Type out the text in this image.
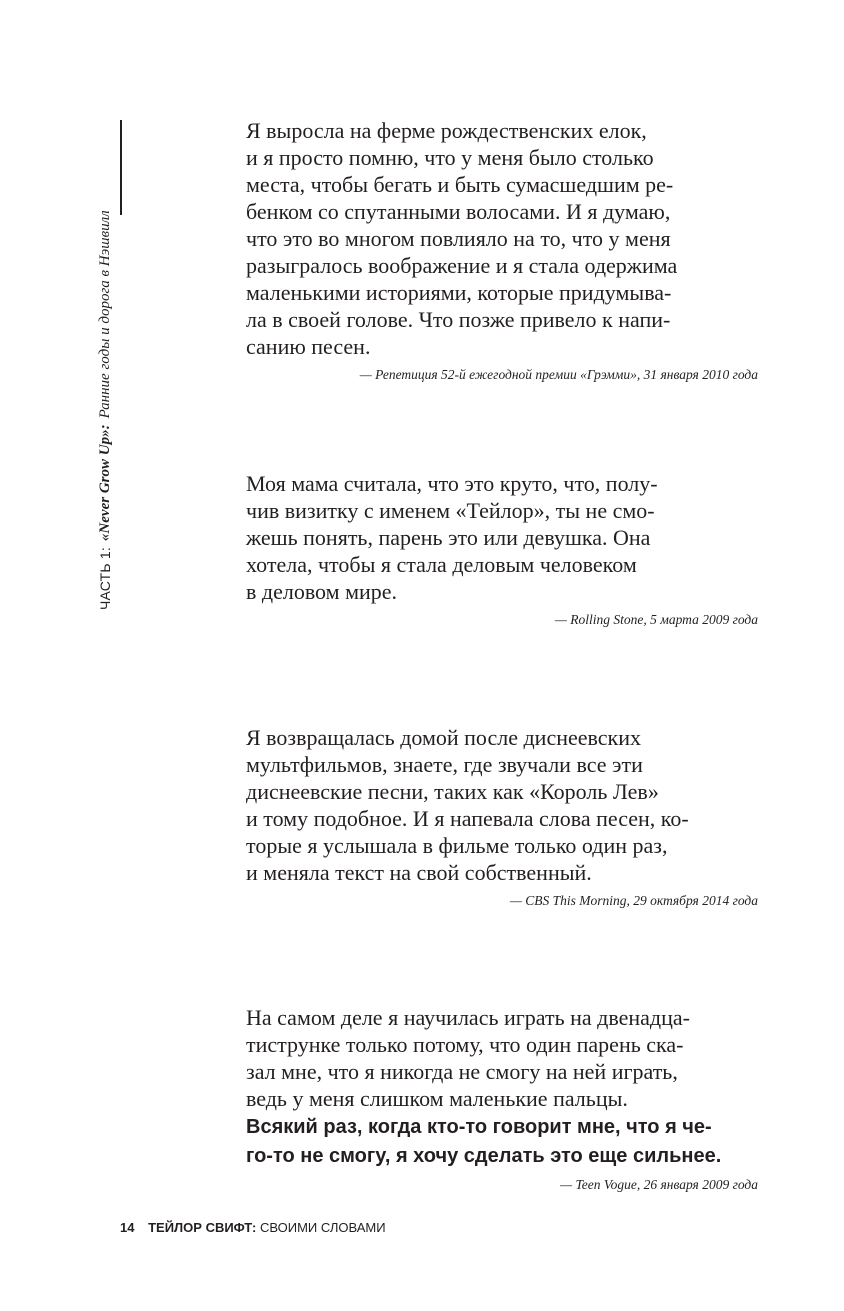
ЧАСТЬ 1:
«Never Grow Up»:
Ранние годы и дорога в Нэшвилл

Я выросла на ферме рождественских елок,
и я просто помню, что у меня было столько
места, чтобы бегать и быть сумасшедшим ре-
бенком со спутанными волосами. И я думаю,
что это во многом повлияло на то, что у меня
разыгралось воображение и я стала одержима
маленькими историями, которые придумыва-
ла в своей голове. Что позже привело к напи-
санию песен.

— Репетиция 52-й ежегодной премии «Грэмми», 31 января 2010 года

Моя мама считала, что это круто, что, полу-
чив визитку с именем «Тейлор», ты не смо-
жешь понять, парень это или девушка. Она
хотела, чтобы я стала деловым человеком
в деловом мире.

— Rolling Stone, 5 марта 2009 года

Я возвращалась домой после диснеевских
мультфильмов, знаете, где звучали все эти
диснеевские песни, таких как «Король Лев»
и тому подобное. И я напевала слова песен, ко-
торые я услышала в фильме только один раз,
и меняла текст на свой собственный.

— CBS This Morning, 29 октября 2014 года

На самом деле я научилась играть на двенадца-
тиструнке только потому, что один парень ска-
зал мне, что я никогда не смогу на ней играть,
ведь у меня слишком маленькие пальцы.
Всякий раз, когда кто-то говорит мне, что я че-
го-то не смогу, я хочу сделать это еще сильнее.

— Teen Vogue, 26 января 2009 года

14 ТЕЙЛОР СВИФТ: СВОИМИ СЛОВАМИ
